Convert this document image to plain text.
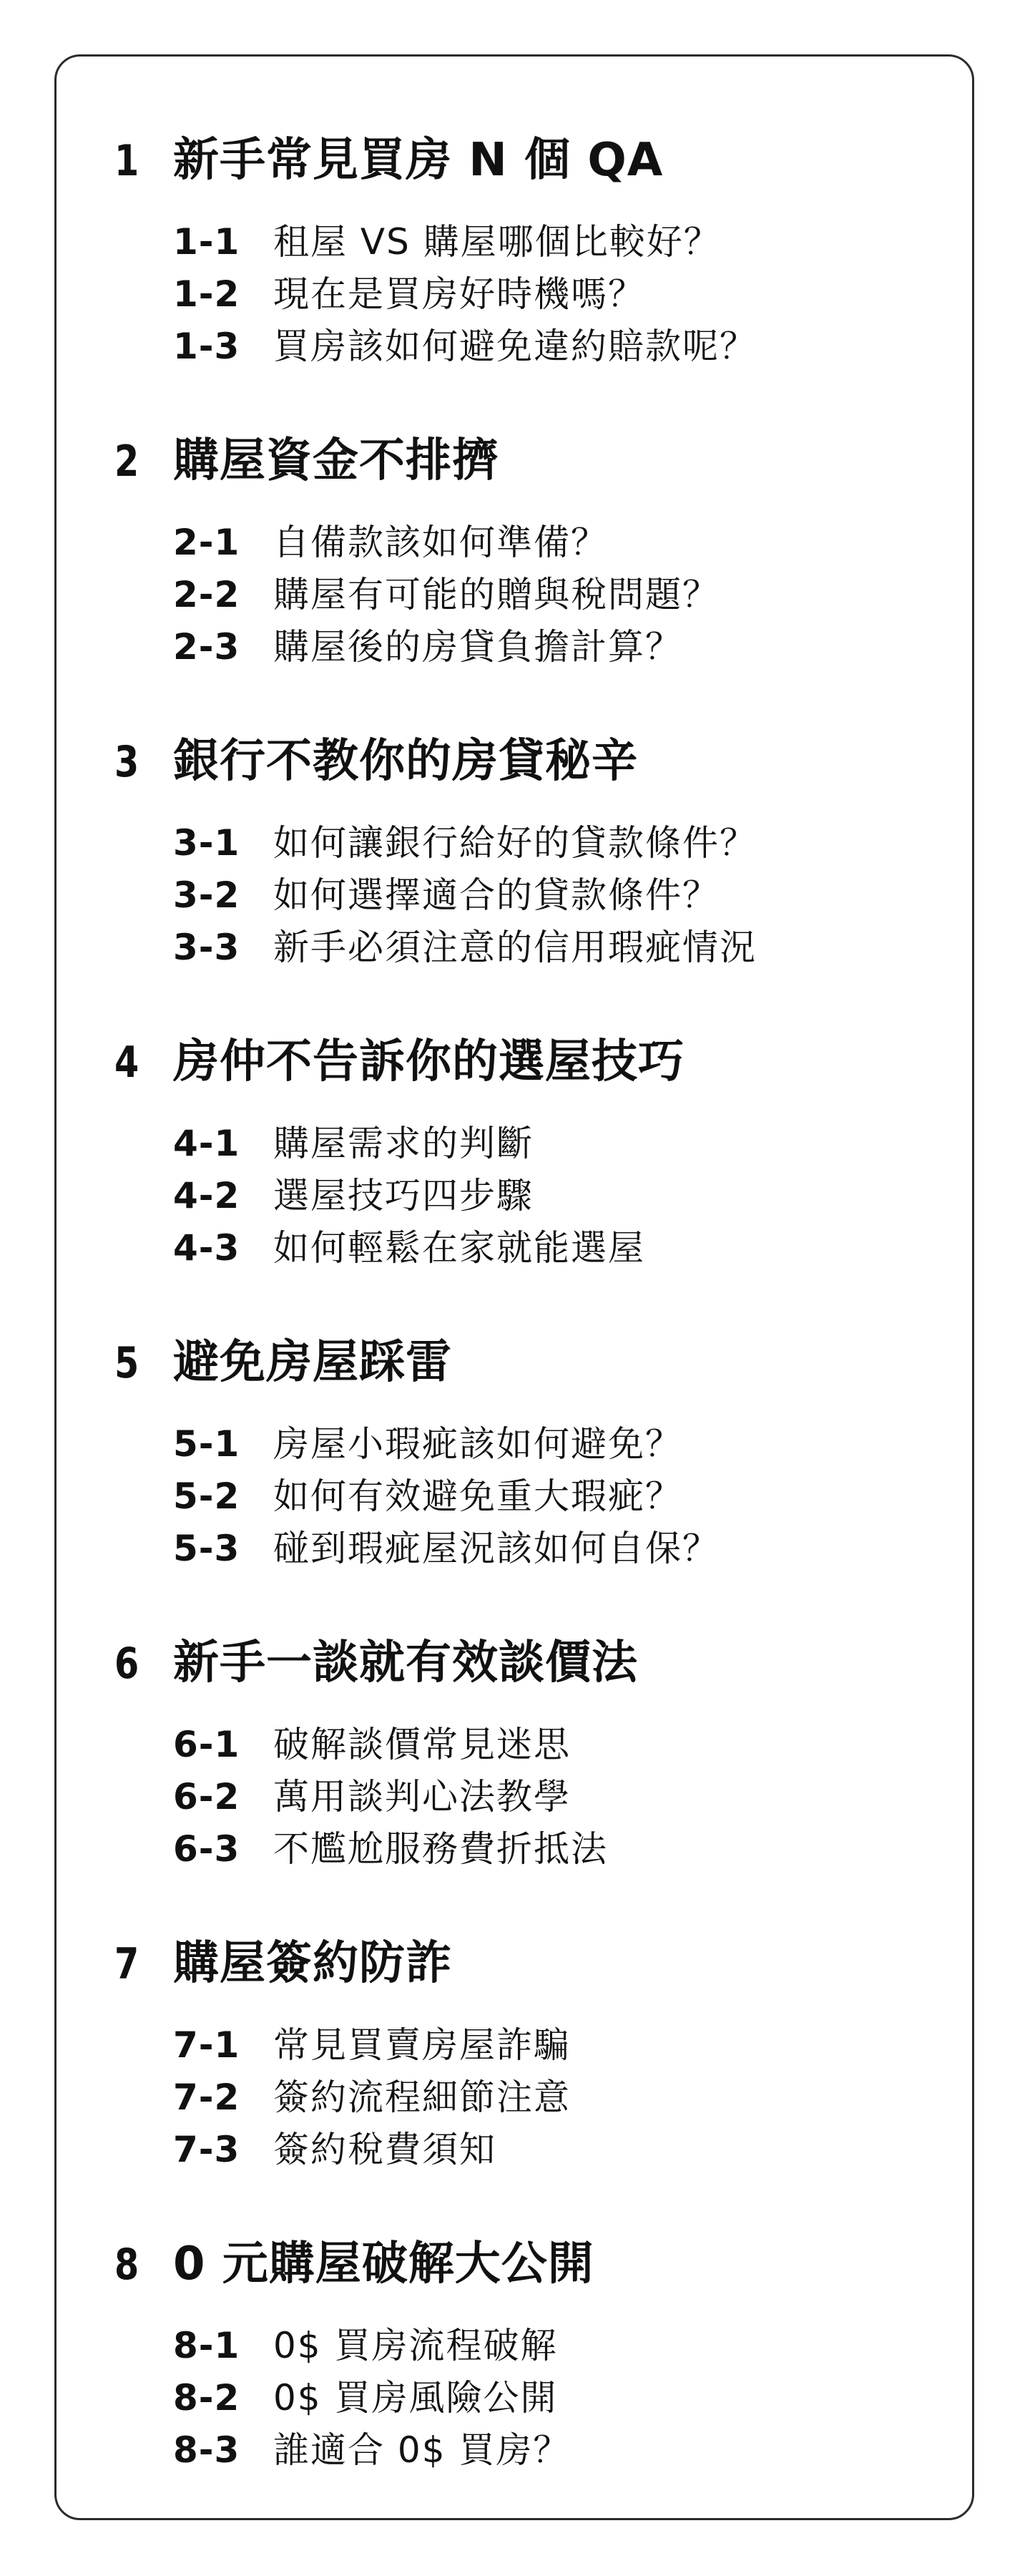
1 新手常見買房 N 個 QA
1-1 租屋 VS 購屋哪個比較好？
1-2 現在是買房好時機嗎？
1-3 買房該如何避免違約賠款呢？
2 購屋資金不排擠
2-1 自備款該如何準備？
2-2 購屋有可能的贈與稅問題？
2-3 購屋後的房貸負擔計算？
3 銀行不教你的房貸秘辛
3-1 如何讓銀行給好的貸款條件？
3-2 如何選擇適合的貸款條件？
3-3 新手必須注意的信用瑕疵情況
4 房仲不告訴你的選屋技巧
4-1 購屋需求的判斷
4-2 選屋技巧四步驟
4-3 如何輕鬆在家就能選屋
5 避免房屋踩雷
5-1 房屋小瑕疵該如何避免？
5-2 如何有效避免重大瑕疵？
5-3 碰到瑕疵屋況該如何自保？
6 新手一談就有效談價法
6-1 破解談價常見迷思
6-2 萬用談判心法教學
6-3 不尷尬服務費折抵法
7 購屋簽約防詐
7-1 常見買賣房屋詐騙
7-2 簽約流程細節注意
7-3 簽約稅費須知
8 0 元購屋破解大公開
8-1 0$ 買房流程破解
8-2 0$ 買房風險公開
8-3 誰適合 0$ 買房？
